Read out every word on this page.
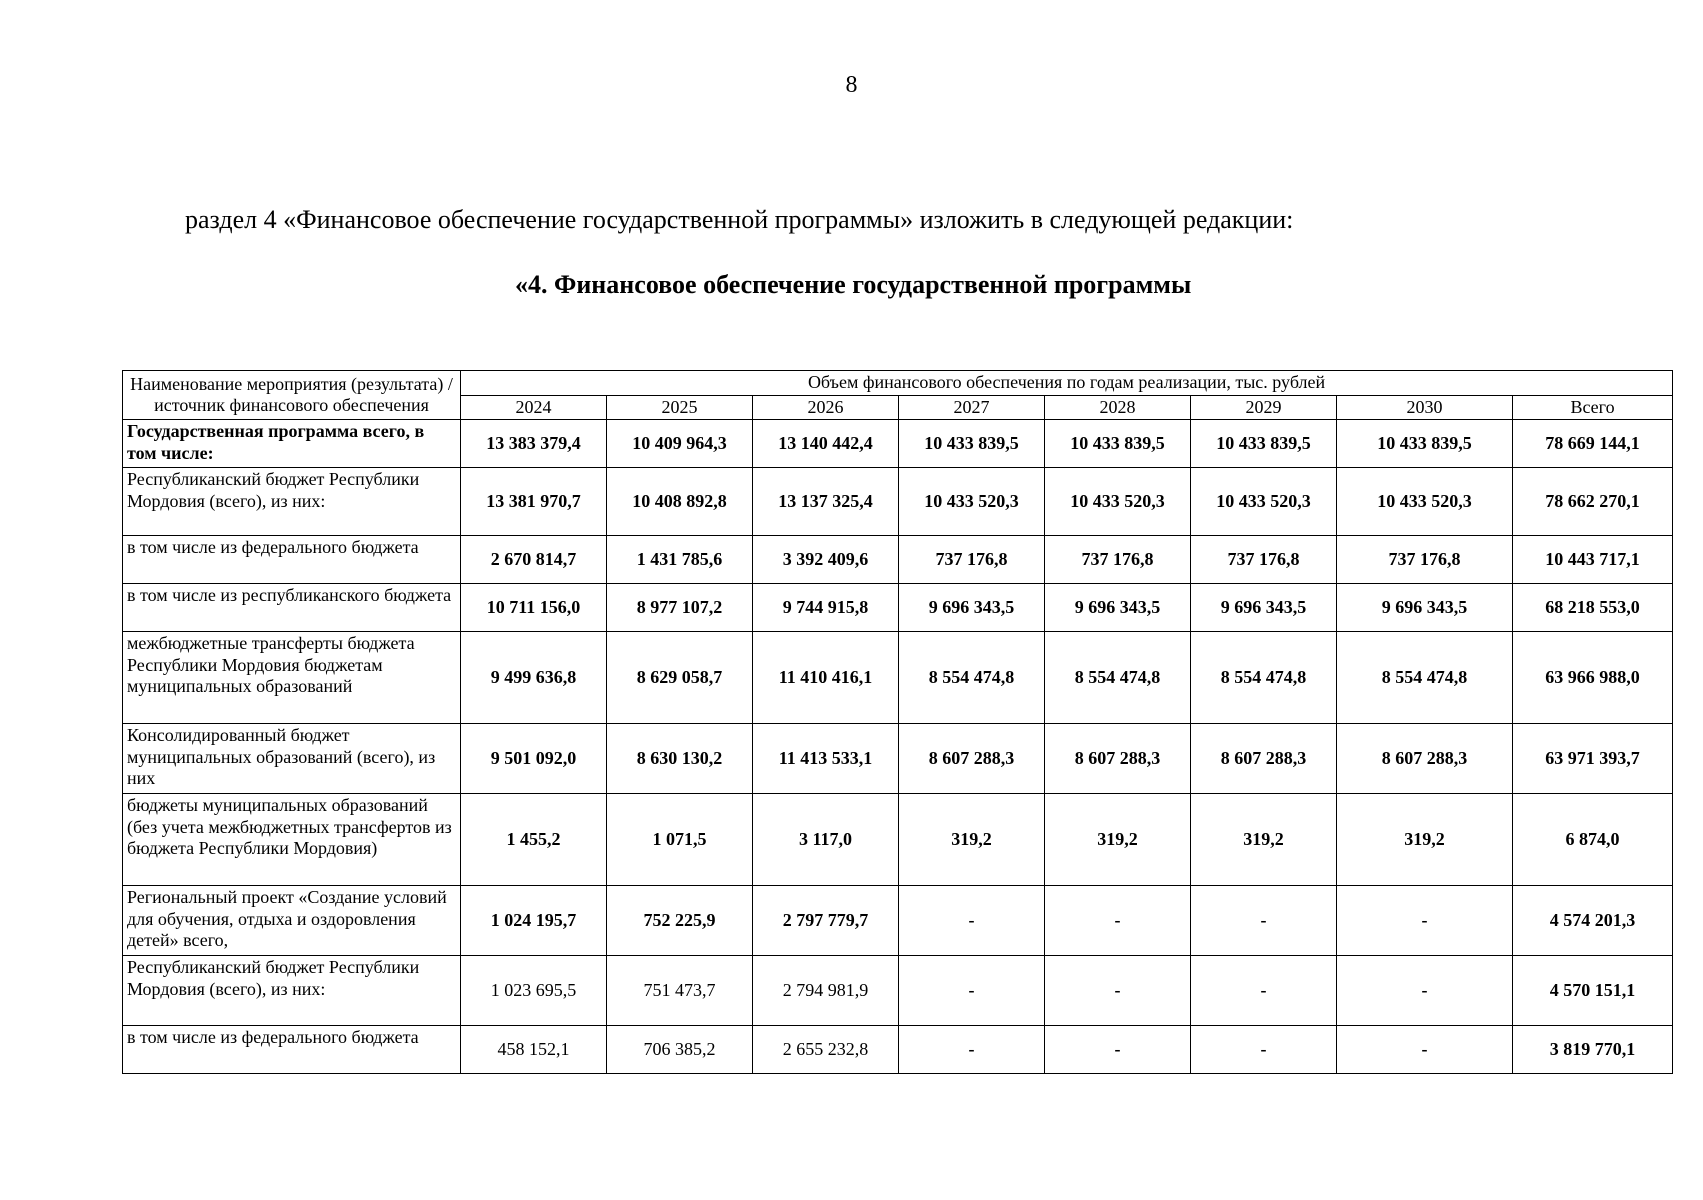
8
раздел 4 «Финансовое обеспечение государственной программы» изложить в следующей редакции:
«4. Финансовое обеспечение государственной программы
Наименование мероприятия (результата) / источник финансового обеспечения	Объем финансового обеспечения по годам реализации, тыс. рублей							
	2024	2025	2026	2027	2028	2029	2030	Всего
Государственная программа всего, в том числе:	13 383 379,4	10 409 964,3	13 140 442,4	10 433 839,5	10 433 839,5	10 433 839,5	10 433 839,5	78 669 144,1
Республиканский бюджет Республики Мордовия (всего), из них:	13 381 970,7	10 408 892,8	13 137 325,4	10 433 520,3	10 433 520,3	10 433 520,3	10 433 520,3	78 662 270,1
в том числе из федерального бюджета	2 670 814,7	1 431 785,6	3 392 409,6	737 176,8	737 176,8	737 176,8	737 176,8	10 443 717,1
в том числе из республиканского бюджета	10 711 156,0	8 977 107,2	9 744 915,8	9 696 343,5	9 696 343,5	9 696 343,5	9 696 343,5	68 218 553,0
межбюджетные трансферты бюджета Республики Мордовия бюджетам муниципальных образований	9 499 636,8	8 629 058,7	11 410 416,1	8 554 474,8	8 554 474,8	8 554 474,8	8 554 474,8	63 966 988,0
Консолидированный бюджет муниципальных образований (всего), из них	9 501 092,0	8 630 130,2	11 413 533,1	8 607 288,3	8 607 288,3	8 607 288,3	8 607 288,3	63 971 393,7
бюджеты муниципальных образований (без учета межбюджетных трансфертов из бюджета Республики Мордовия)	1 455,2	1 071,5	3 117,0	319,2	319,2	319,2	319,2	6 874,0
Региональный проект «Создание условий для обучения, отдыха и оздоровления детей» всего,	1 024 195,7	752 225,9	2 797 779,7	-	-	-	-	4 574 201,3
Республиканский бюджет Республики Мордовия (всего), из них:	1 023 695,5	751 473,7	2 794 981,9	-	-	-	-	4 570 151,1
в том числе из федерального бюджета	458 152,1	706 385,2	2 655 232,8	-	-	-	-	3 819 770,1
